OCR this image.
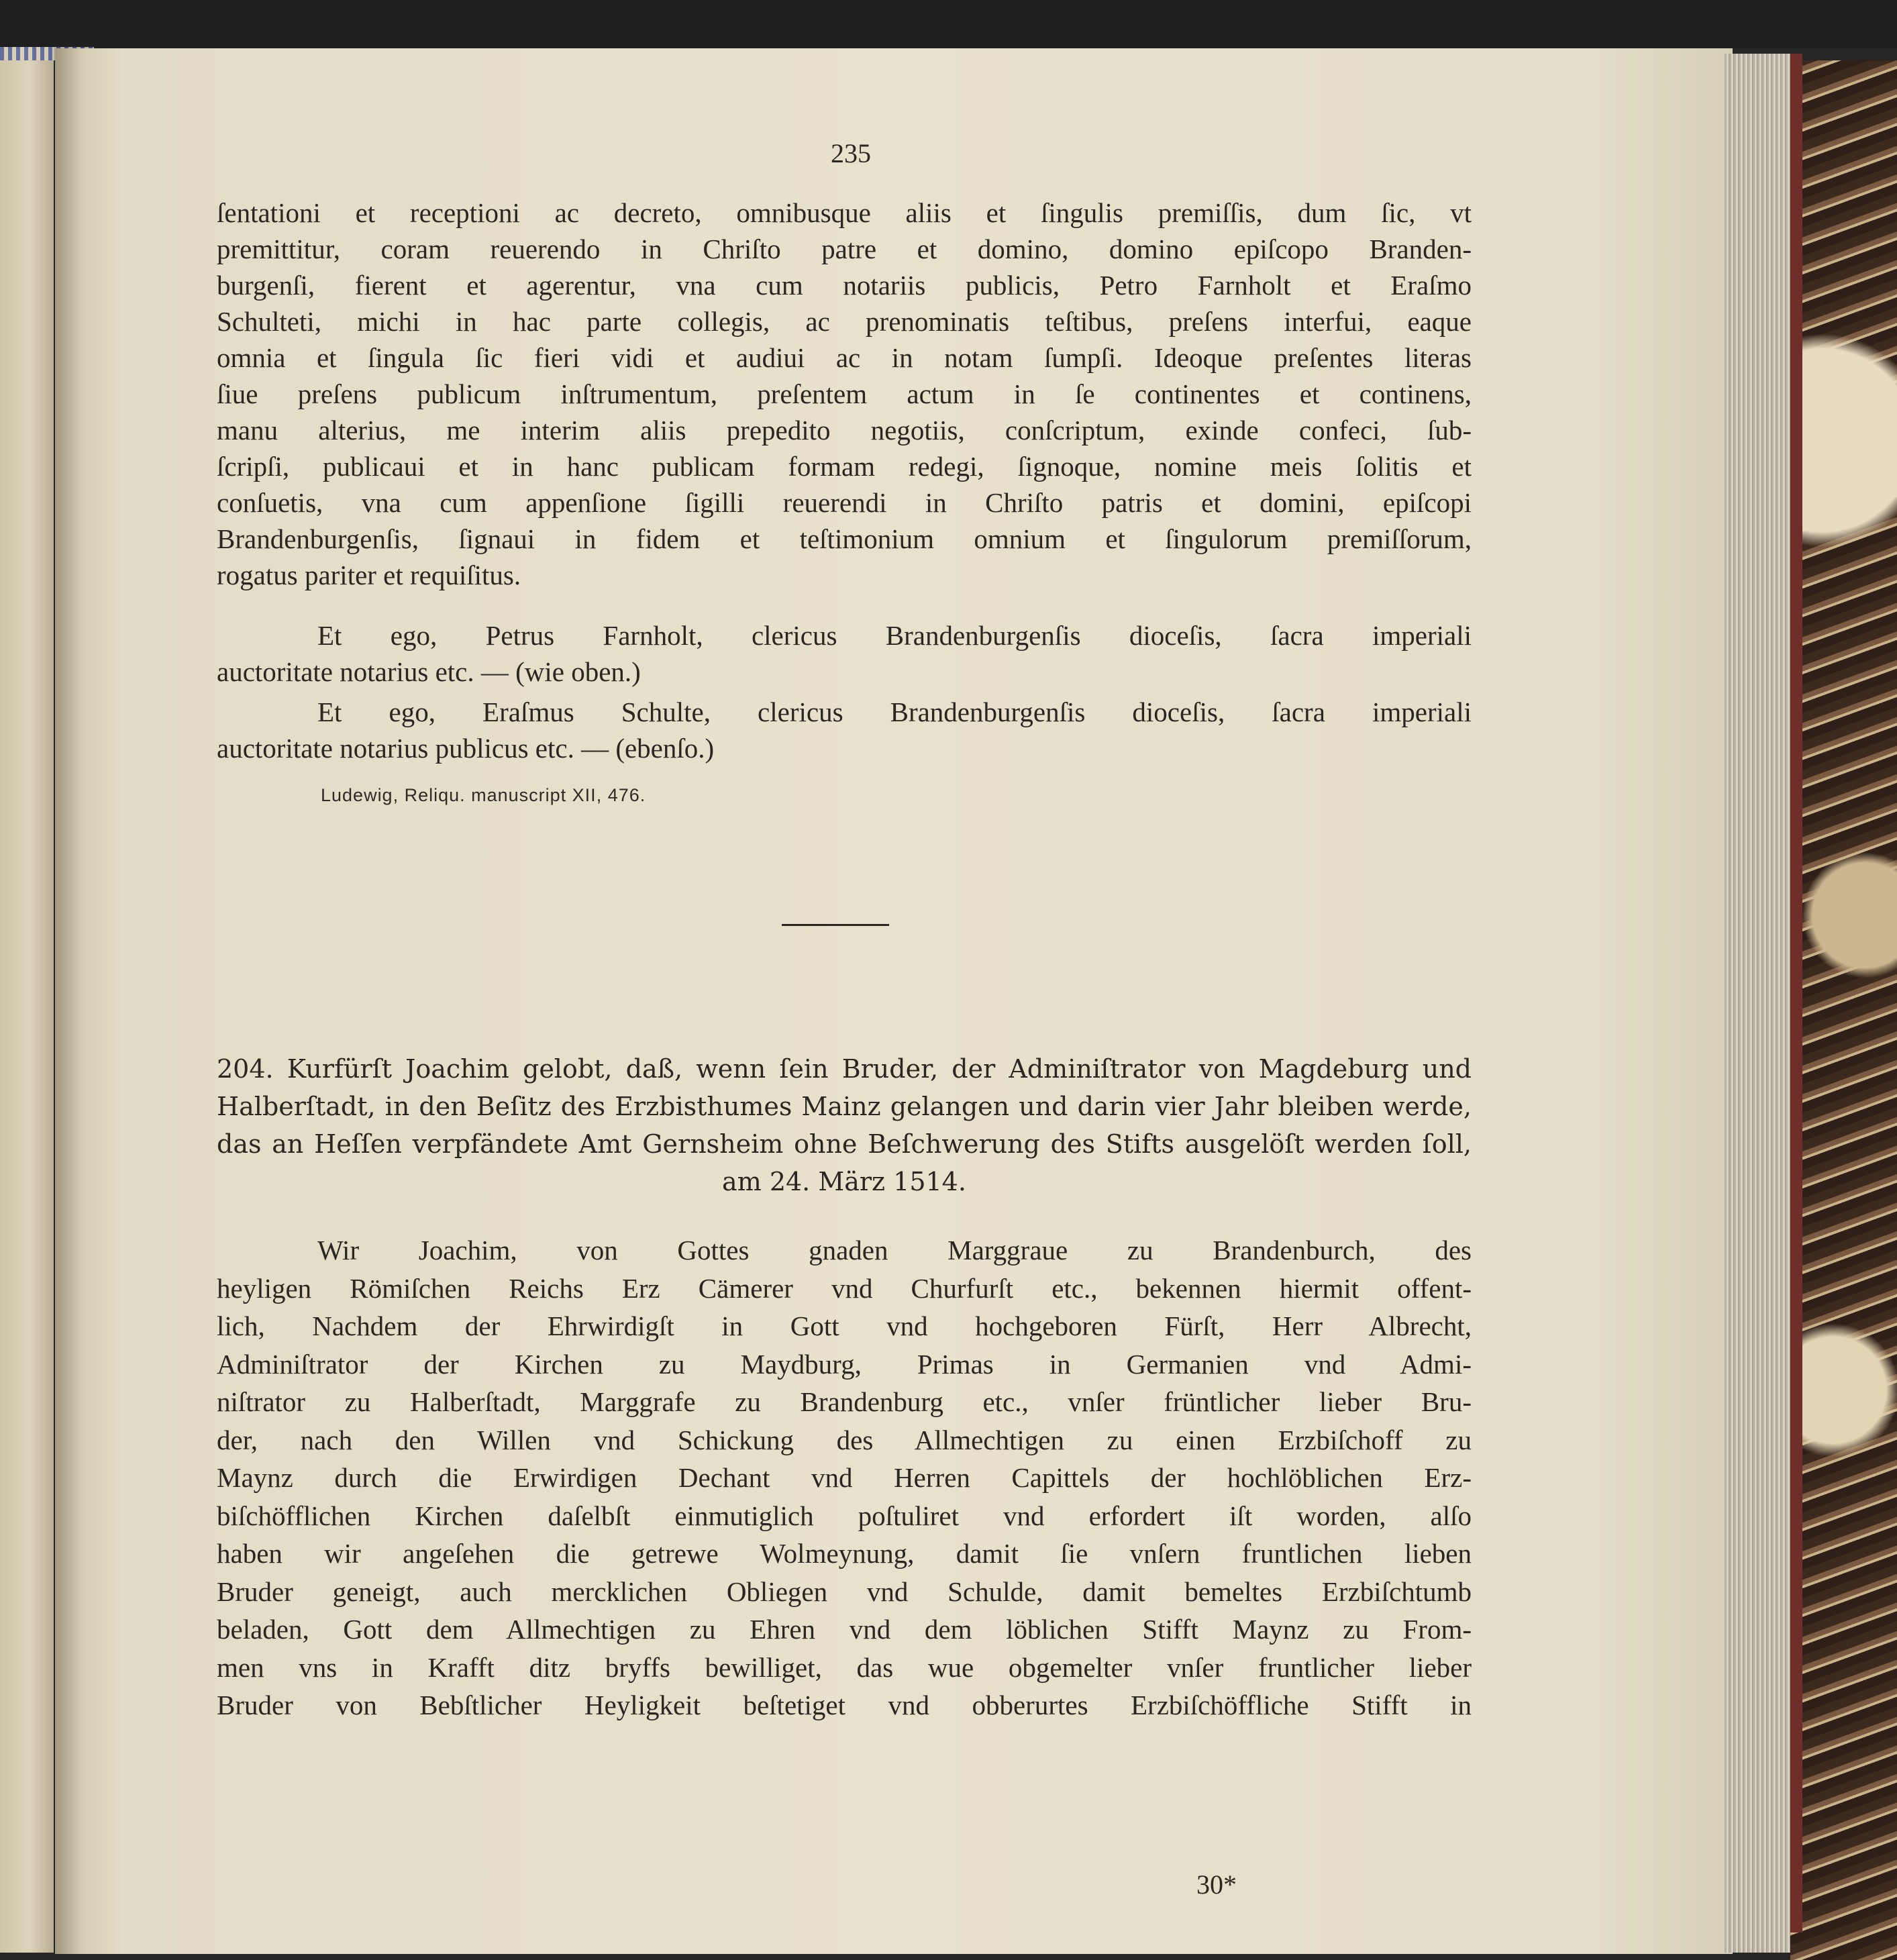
235
ſentationi et receptioni ac decreto, omnibusque aliis et ſingulis premiſſis, dum ſic, vt
premittitur, coram reuerendo in Chriſto patre et domino, domino epiſcopo Branden-
burgenſi, fierent et agerentur, vna cum notariis publicis, Petro Farnholt et Eraſmo
Schulteti, michi in hac parte collegis, ac prenominatis teſtibus, preſens interfui, eaque
omnia et ſingula ſic fieri vidi et audiui ac in notam ſumpſi. Ideoque preſentes literas
ſiue preſens publicum inſtrumentum, preſentem actum in ſe continentes et continens,
manu alterius, me interim aliis prepedito negotiis, conſcriptum, exinde confeci, ſub-
ſcripſi, publicaui et in hanc publicam formam redegi, ſignoque, nomine meis ſolitis et
conſuetis, vna cum appenſione ſigilli reuerendi in Chriſto patris et domini, epiſcopi
Brandenburgenſis, ſignaui in fidem et teſtimonium omnium et ſingulorum premiſſorum,
rogatus pariter et requiſitus.
Et ego, Petrus Farnholt, clericus Brandenburgenſis dioceſis, ſacra imperiali
auctoritate notarius etc. — (wie oben.)
Et ego, Eraſmus Schulte, clericus Brandenburgenſis dioceſis, ſacra imperiali
auctoritate notarius publicus etc. — (ebenſo.)
Ludewig, Reliqu. manuscript XII, 476.
204. Kurfürſt Joachim gelobt, daß, wenn ſein Bruder, der Adminiſtrator von Magdeburg und
Halberſtadt, in den Beſitz des Erzbisthumes Mainz gelangen und darin vier Jahr bleiben werde,
das an Heſſen verpfändete Amt Gernsheim ohne Beſchwerung des Stifts ausgelöſt werden ſoll,
am 24. März 1514.
Wir Joachim, von Gottes gnaden Marggraue zu Brandenburch, des
heyligen Römiſchen Reichs Erz Cämerer vnd Churfurſt etc., bekennen hiermit offent-
lich, Nachdem der Ehrwirdigſt in Gott vnd hochgeboren Fürſt, Herr Albrecht,
Adminiſtrator der Kirchen zu Maydburg, Primas in Germanien vnd Admi-
niſtrator zu Halberſtadt, Marggrafe zu Brandenburg etc., vnſer früntlicher lieber Bru-
der, nach den Willen vnd Schickung des Allmechtigen zu einen Erzbiſchoff zu
Maynz durch die Erwirdigen Dechant vnd Herren Capittels der hochlöblichen Erz-
biſchöfflichen Kirchen daſelbſt einmutiglich poſtuliret vnd erfordert iſt worden, alſo
haben wir angeſehen die getrewe Wolmeynung, damit ſie vnſern fruntlichen lieben
Bruder geneigt, auch mercklichen Obliegen vnd Schulde, damit bemeltes Erzbiſchtumb
beladen, Gott dem Allmechtigen zu Ehren vnd dem löblichen Stifft Maynz zu From-
men vns in Krafft ditz bryffs bewilliget, das wue obgemelter vnſer fruntlicher lieber
Bruder von Bebſtlicher Heyligkeit beſtetiget vnd obberurtes Erzbiſchöffliche Stifft in
30*
